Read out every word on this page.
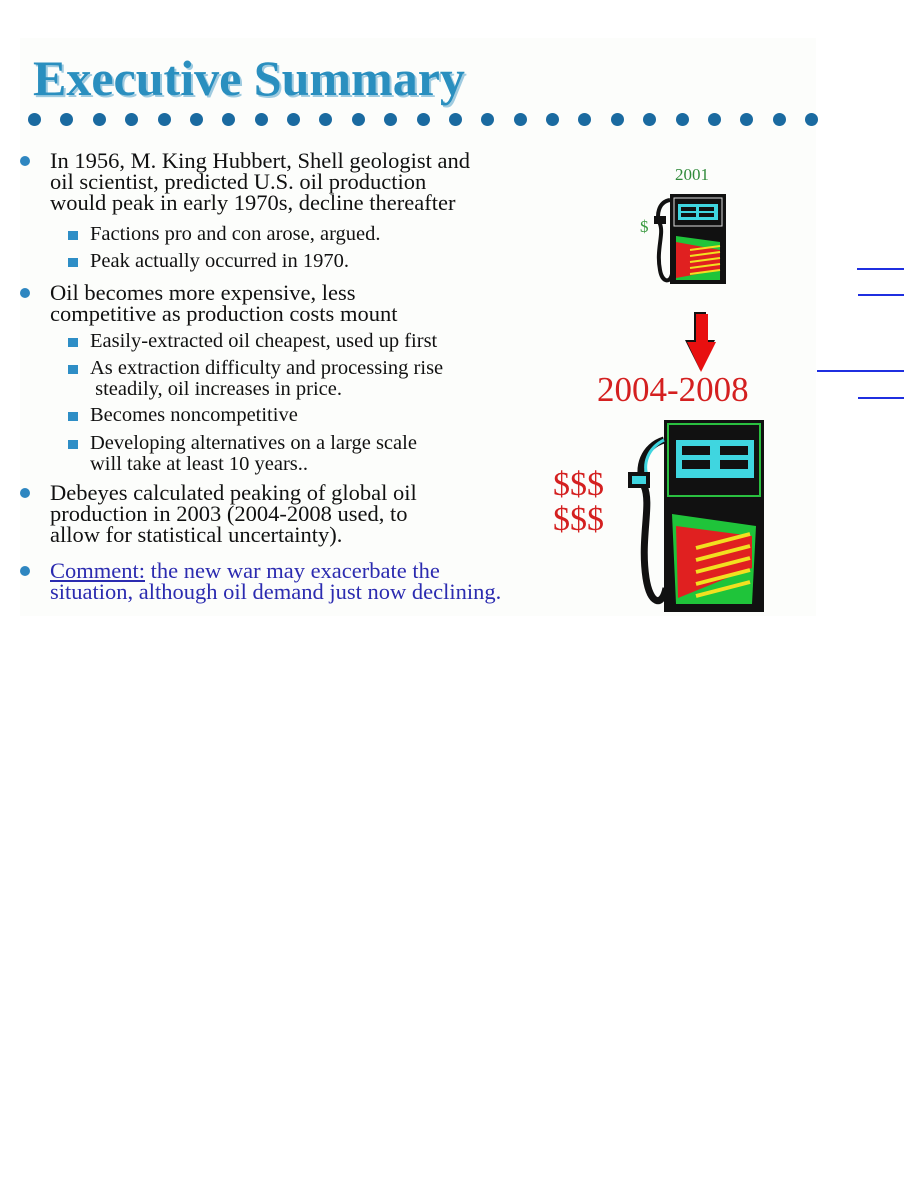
Executive Summary
In 1956, M. King Hubbert, Shell geologist and
oil scientist, predicted U.S. oil production
would peak in early 1970s, decline thereafter
Factions pro and con arose, argued.
Peak actually occurred in 1970.
Oil becomes more expensive, less
competitive as production costs mount
Easily-extracted oil cheapest, used up first
As extraction difficulty and processing rise
steadily, oil increases in price.
Becomes noncompetitive
Developing alternatives on a large scale
will take at least 10 years..
Debeyes calculated peaking of global oil
production in 2003 (2004-2008 used, to
allow for statistical uncertainty).
Comment: the new war may exacerbate the
situation, although oil demand just now declining.
2001
$
2004-2008
$$$
$$$
